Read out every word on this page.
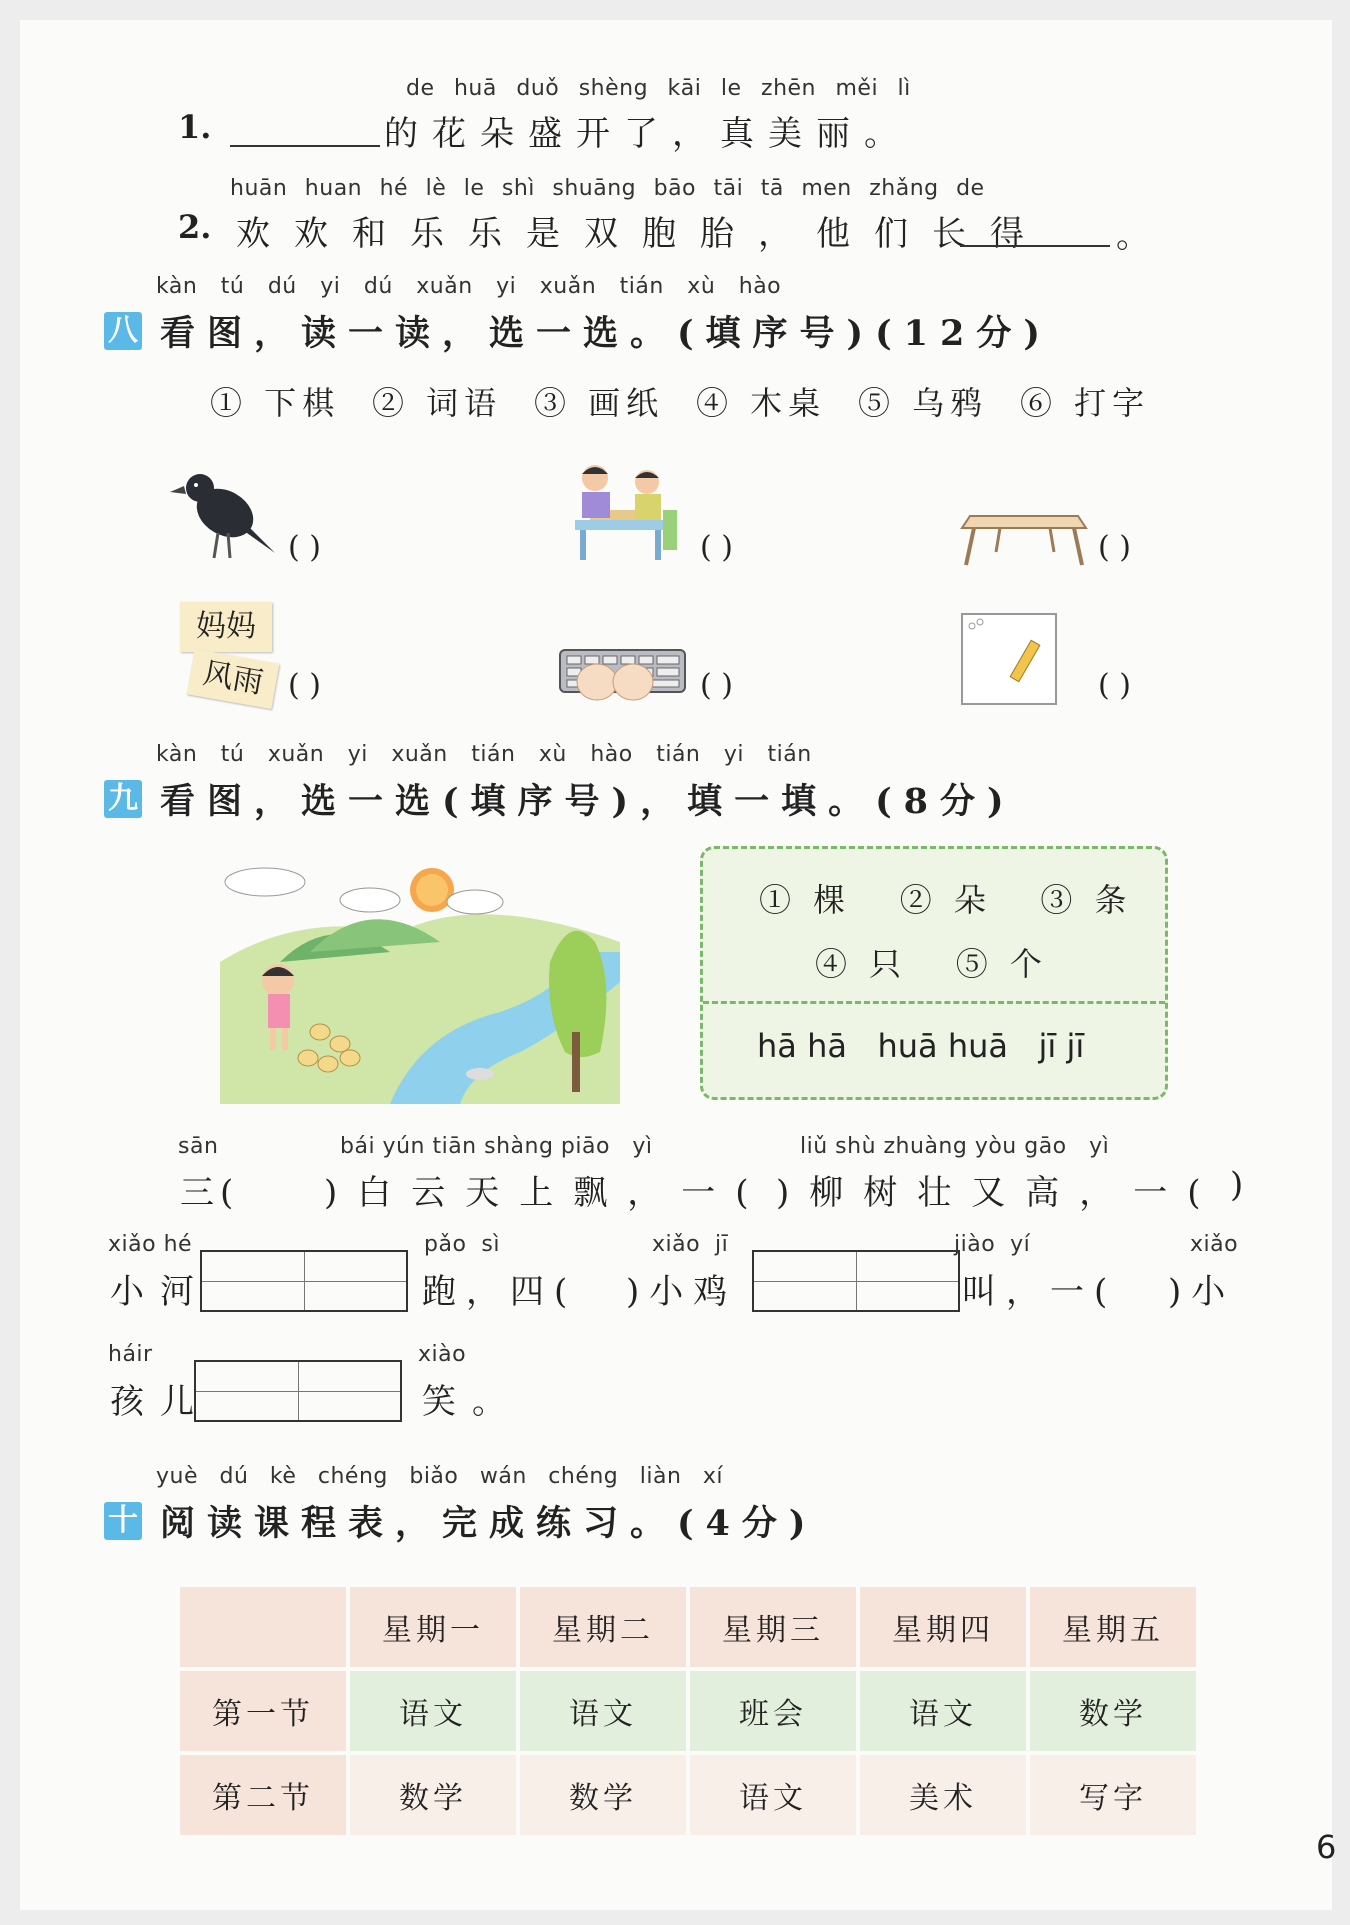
de huā duǒ shèng kāi le zhēn měi lì
1.	的花朵盛开了，真美丽。
huān huan hé lè le shì shuāng bāo tāi tā men zhǎng de
2. 欢欢和乐乐是双胞胎，他们长得 。
kàn tú dú yi dú xuǎn yi xuǎn tián xù hào
八 看图，读一读，选一选。(填序号)(12分)
① 下棋 ② 词语 ③ 画纸 ④ 木桌 ⑤ 乌鸦 ⑥ 打字
( )	( )	( )
妈妈
风雨 ( )	( )	( )
kàn tú xuǎn yi xuǎn tián xù hào tián yi tián
九 看图，选一选(填序号)，填一填。(8分)
① 棵   ② 朵   ③ 条
④ 只   ⑤ 个
hā hā   huā huā   jī jī
sān	bái yún tiān shàng piāo   yì	liǔ shù zhuàng yòu gāo   yì
三( )白云天上飘，一( )柳树壮又高，一( )
xiǎo hé	pǎo  sì	xiǎo  jī	jiào  yí	xiǎo
小河	跑，四( )小鸡	叫，一( )小
háir	xiào
孩儿	笑。
yuè dú kè chéng biǎo wán chéng liàn xí
十 阅读课程表，完成练习。(4分)
	星期一	星期二	星期三	星期四	星期五
第一节	语文	语文	班会	语文	数学
第二节	数学	数学	语文	美术	写字
6
